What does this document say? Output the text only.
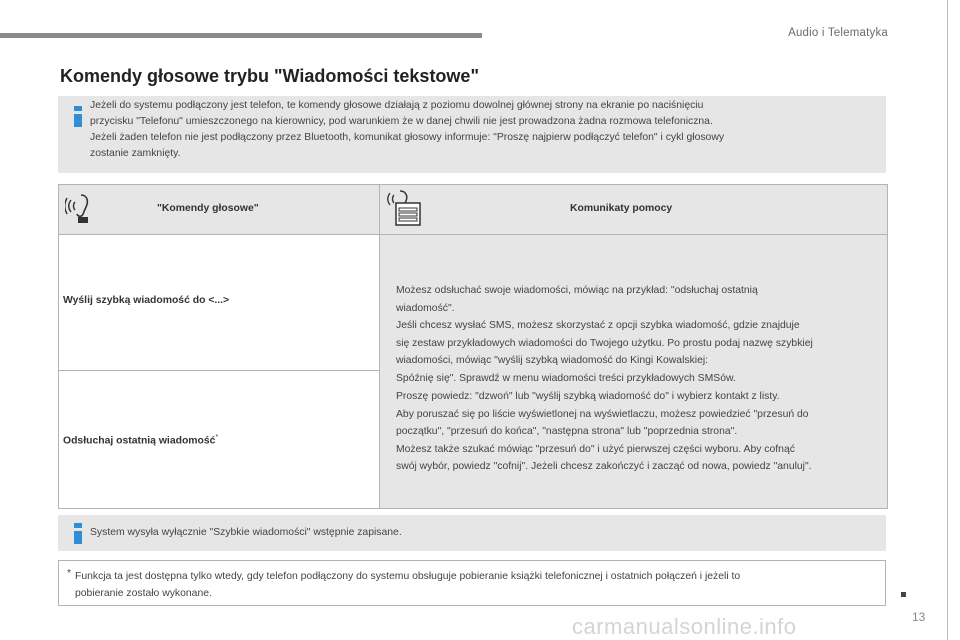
Audio i Telematyka
13
Komendy głosowe trybu "Wiadomości tekstowe"
Jeżeli do systemu podłączony jest telefon, te komendy głosowe działają z poziomu dowolnej głównej strony na ekranie po naciśnięciu
przycisku "Telefonu" umieszczonego na kierownicy, pod warunkiem że w danej chwili nie jest prowadzona żadna rozmowa telefoniczna.
Jeżeli żaden telefon nie jest podłączony przez Bluetooth, komunikat głosowy informuje: "Proszę najpierw podłączyć telefon" i cykl głosowy
zostanie zamknięty.
"Komendy głosowe"	Komunikaty pomocy
Wyślij szybką wiadomość do <...>
Odsłuchaj ostatnią wiadomość*
Możesz odsłuchać swoje wiadomości, mówiąc na przykład: "odsłuchaj ostatnią
wiadomość".
Jeśli chcesz wysłać SMS, możesz skorzystać z opcji szybka wiadomość, gdzie znajduje
się zestaw przykładowych wiadomości do Twojego użytku. Po prostu podaj nazwę szybkiej
wiadomości, mówiąc "wyślij szybką wiadomość do Kingi Kowalskiej:
Spóźnię się". Sprawdź w menu wiadomości treści przykładowych SMSów.
Proszę powiedz: "dzwoń" lub "wyślij szybką wiadomość do" i wybierz kontakt z listy.
Aby poruszać się po liście wyświetlonej na wyświetlaczu, możesz powiedzieć "przesuń do
początku", "przesuń do końca", "następna strona" lub "poprzednia strona".
Możesz także szukać mówiąc "przesuń do" i użyć pierwszej części wyboru. Aby cofnąć
swój wybór, powiedz "cofnij". Jeżeli chcesz zakończyć i zacząć od nowa, powiedz "anuluj".
System wysyła wyłącznie "Szybkie wiadomości" wstępnie zapisane.
* Funkcja ta jest dostępna tylko wtedy, gdy telefon podłączony do systemu obsługuje pobieranie książki telefonicznej i ostatnich połączeń i jeżeli to
pobieranie zostało wykonane.
carmanualsonline.info
